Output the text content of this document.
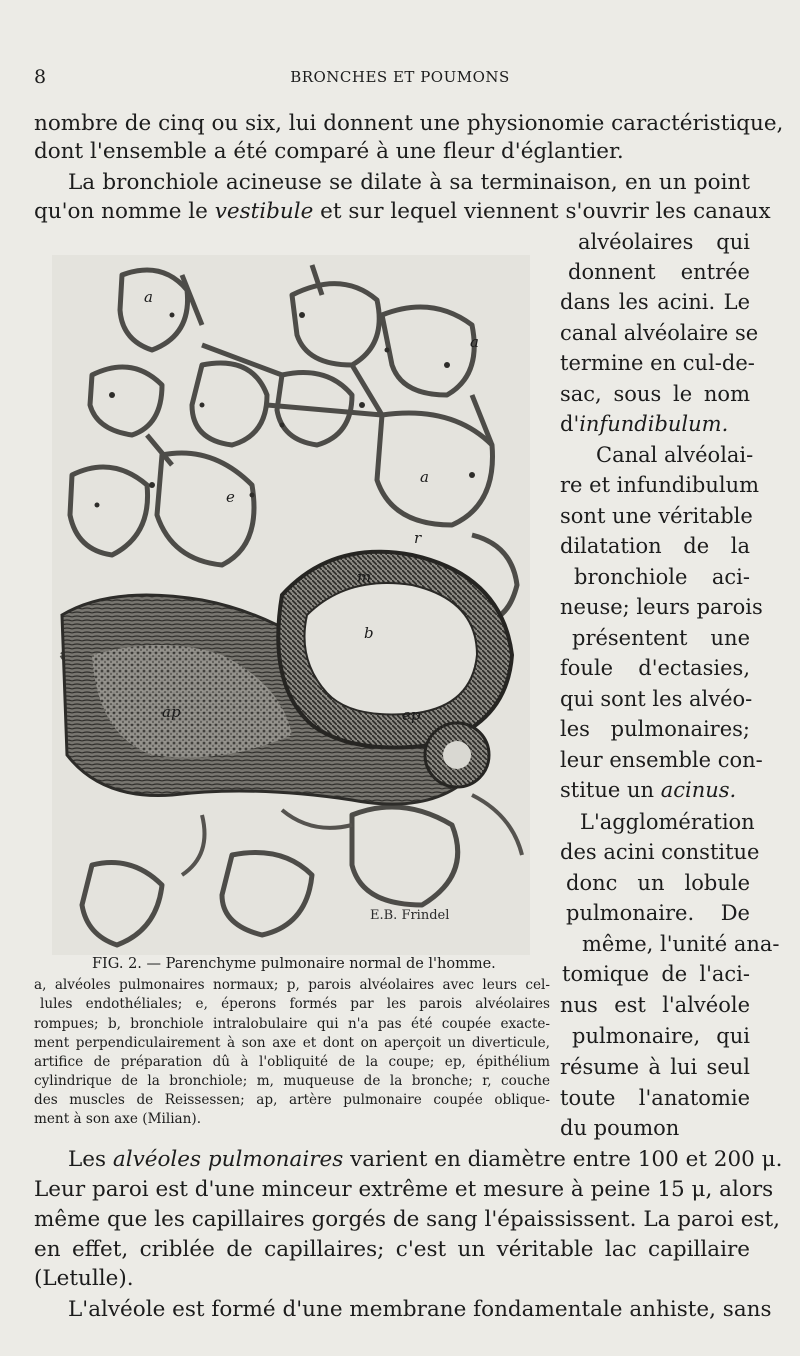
8	BRONCHES ET POUMONS
nombre de cinq ou six, lui donnent une physionomie caractéristique,
dont l'ensemble a été comparé à une fleur d'églantier.
La bronchiole acineuse se dilate à sa terminaison, en un point
qu'on nomme le vestibule et sur lequel viennent s'ouvrir les canaux
alvéolaires qui
donnent entrée
dans les acini. Le
canal alvéolaire se
termine en cul-de-
sac, sous le nom
d'infundibulum.
Canal alvéolai-
re et infundibulum
sont une véritable
dilatation de la
bronchiole aci-
neuse; leurs parois
présentent une
foule d'ectasies,
qui sont les alvéo-
les pulmonaires;
leur ensemble con-
stitue un acinus.
L'agglomération
des acini constitue
donc un lobule
pulmonaire. De
même, l'unité ana-
tomique de l'aci-
nus est l'alvéole
pulmonaire, qui
résume à lui seul
toute l'anatomie
du poumon
a
a
a
e
b
m
ap	ep
r
E.B. Frindel
FIG. 2. — Parenchyme pulmonaire normal de l'homme.
a, alvéoles pulmonaires normaux; p, parois alvéolaires avec leurs cel-
lules endothéliales; e, éperons formés par les parois alvéolaires
rompues; b, bronchiole intralobulaire qui n'a pas été coupée exacte-
ment perpendiculairement à son axe et dont on aperçoit un diverticule,
artifice de préparation dû à l'obliquité de la coupe; ep, épithélium
cylindrique de la bronchiole; m, muqueuse de la bronche; r, couche
des muscles de Reissessen; ap, artère pulmonaire coupée oblique-
ment à son axe (Milian).
Les alvéoles pulmonaires varient en diamètre entre 100 et 200 μ.
Leur paroi est d'une minceur extrême et mesure à peine 15 μ, alors
même que les capillaires gorgés de sang l'épaississent. La paroi est,
en effet, criblée de capillaires; c'est un véritable lac capillaire
(Letulle).
L'alvéole est formé d'une membrane fondamentale anhiste, sans
